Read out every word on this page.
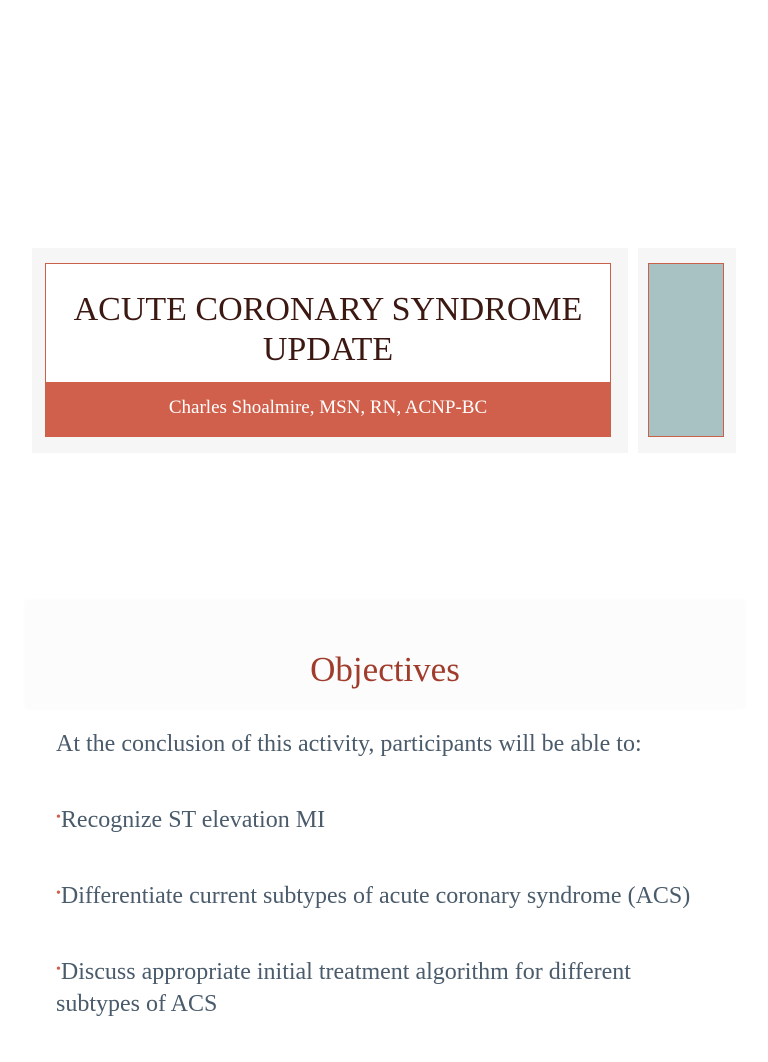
ACUTE CORONARY SYNDROME
UPDATE
Charles Shoalmire, MSN, RN, ACNP-BC
Objectives
At the conclusion of this activity, participants will be able to:
•Recognize ST elevation MI
•Differentiate current subtypes of acute coronary syndrome (ACS)
•Discuss appropriate initial treatment algorithm for different subtypes of ACS
